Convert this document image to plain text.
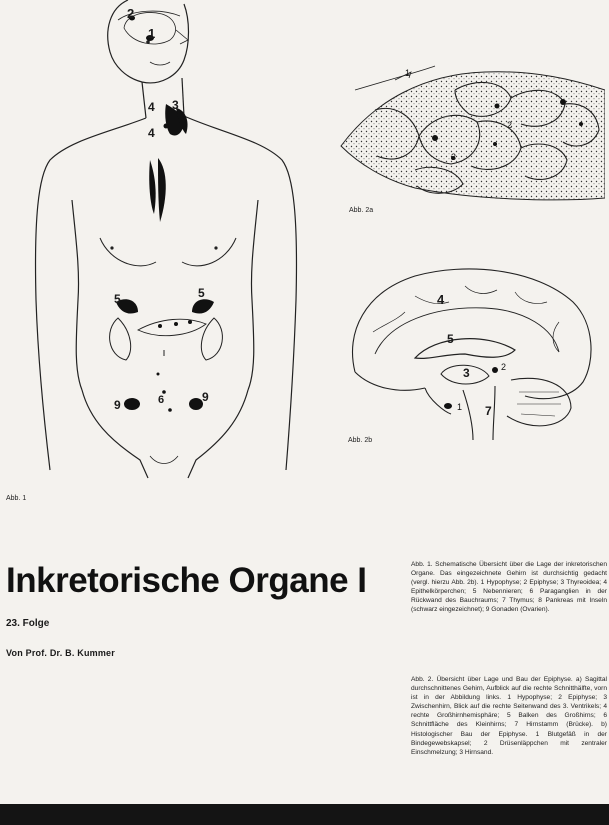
2
1
4 3
4
5	5
9
9
6
Abb. 1
1
2
3
Abb. 2a
1
2
4
5
3
7
Abb. 2b
Inkretorische Organe I
23. Folge
Von Prof. Dr. B. Kummer
Abb. 1. Schematische Übersicht über die Lage der inkretorischen Organe. Das eingezeichnete Gehirn ist durchsichtig gedacht (vergl. hierzu Abb. 2b). 1 Hypophyse; 2 Epiphyse; 3 Thyreoidea; 4 Epithelkörperchen; 5 Nebennieren; 6 Paraganglien in der Rückwand des Bauchraums; 7 Thymus; 8 Pankreas mit Inseln (schwarz eingezeichnet); 9 Gonaden (Ovarien).
Abb. 2. Übersicht über Lage und Bau der Epiphyse. a) Sagittal durchschnittenes Gehirn, Aufblick auf die rechte Schnitthälfte, vorn ist in der Abbildung links. 1 Hypophyse; 2 Epiphyse; 3 Zwischenhirn, Blick auf die rechte Seitenwand des 3. Ventrikels; 4 rechte Großhirnhemisphäre; 5 Balken des Großhirns; 6 Schnittfläche des Kleinhirns; 7 Hirnstamm (Brücke). b) Histologischer Bau der Epiphyse. 1 Blutgefäß in der Bindegewebskapsel; 2 Drüsenläppchen mit zentraler Einschmelzung; 3 Hirnsand.
